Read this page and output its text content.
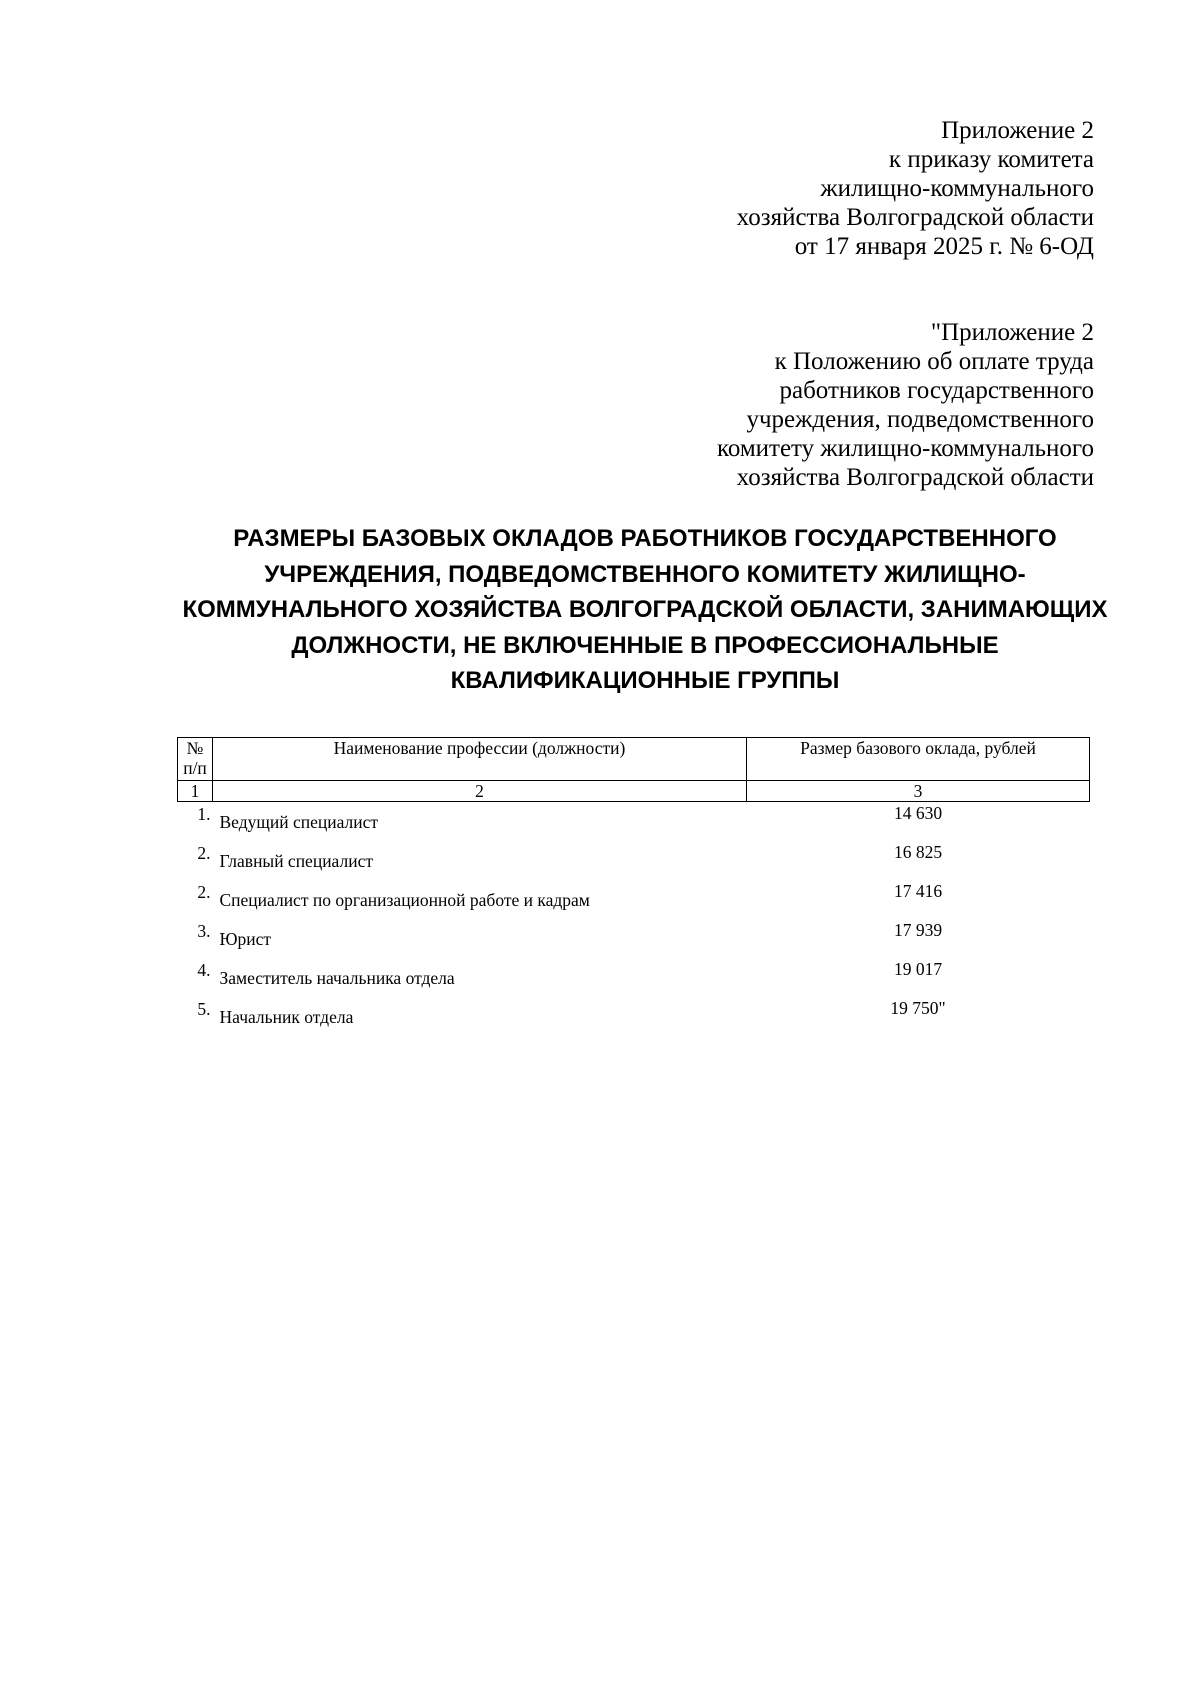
Приложение 2
к приказу комитета
жилищно-коммунального
хозяйства Волгоградской области
от 17 января 2025 г. № 6-ОД
"Приложение 2
к Положению об оплате труда
работников государственного
учреждения, подведомственного
комитету жилищно-коммунального
хозяйства Волгоградской области
РАЗМЕРЫ БАЗОВЫХ ОКЛАДОВ РАБОТНИКОВ ГОСУДАРСТВЕННОГО
УЧРЕЖДЕНИЯ, ПОДВЕДОМСТВЕННОГО КОМИТЕТУ ЖИЛИЩНО-
КОММУНАЛЬНОГО ХОЗЯЙСТВА ВОЛГОГРАДСКОЙ ОБЛАСТИ, ЗАНИМАЮЩИХ
ДОЛЖНОСТИ, НЕ ВКЛЮЧЕННЫЕ В ПРОФЕССИОНАЛЬНЫЕ
КВАЛИФИКАЦИОННЫЕ ГРУППЫ
№
п/п	Наименование профессии (должности)	Размер базового оклада, рублей
1	2	3
1.	Ведущий специалист	14 630
2.	Главный специалист	16 825
2.	Специалист по организационной работе и кадрам	17 416
3.	Юрист	17 939
4.	Заместитель начальника отдела	19 017
5.	Начальник отдела	19 750"
